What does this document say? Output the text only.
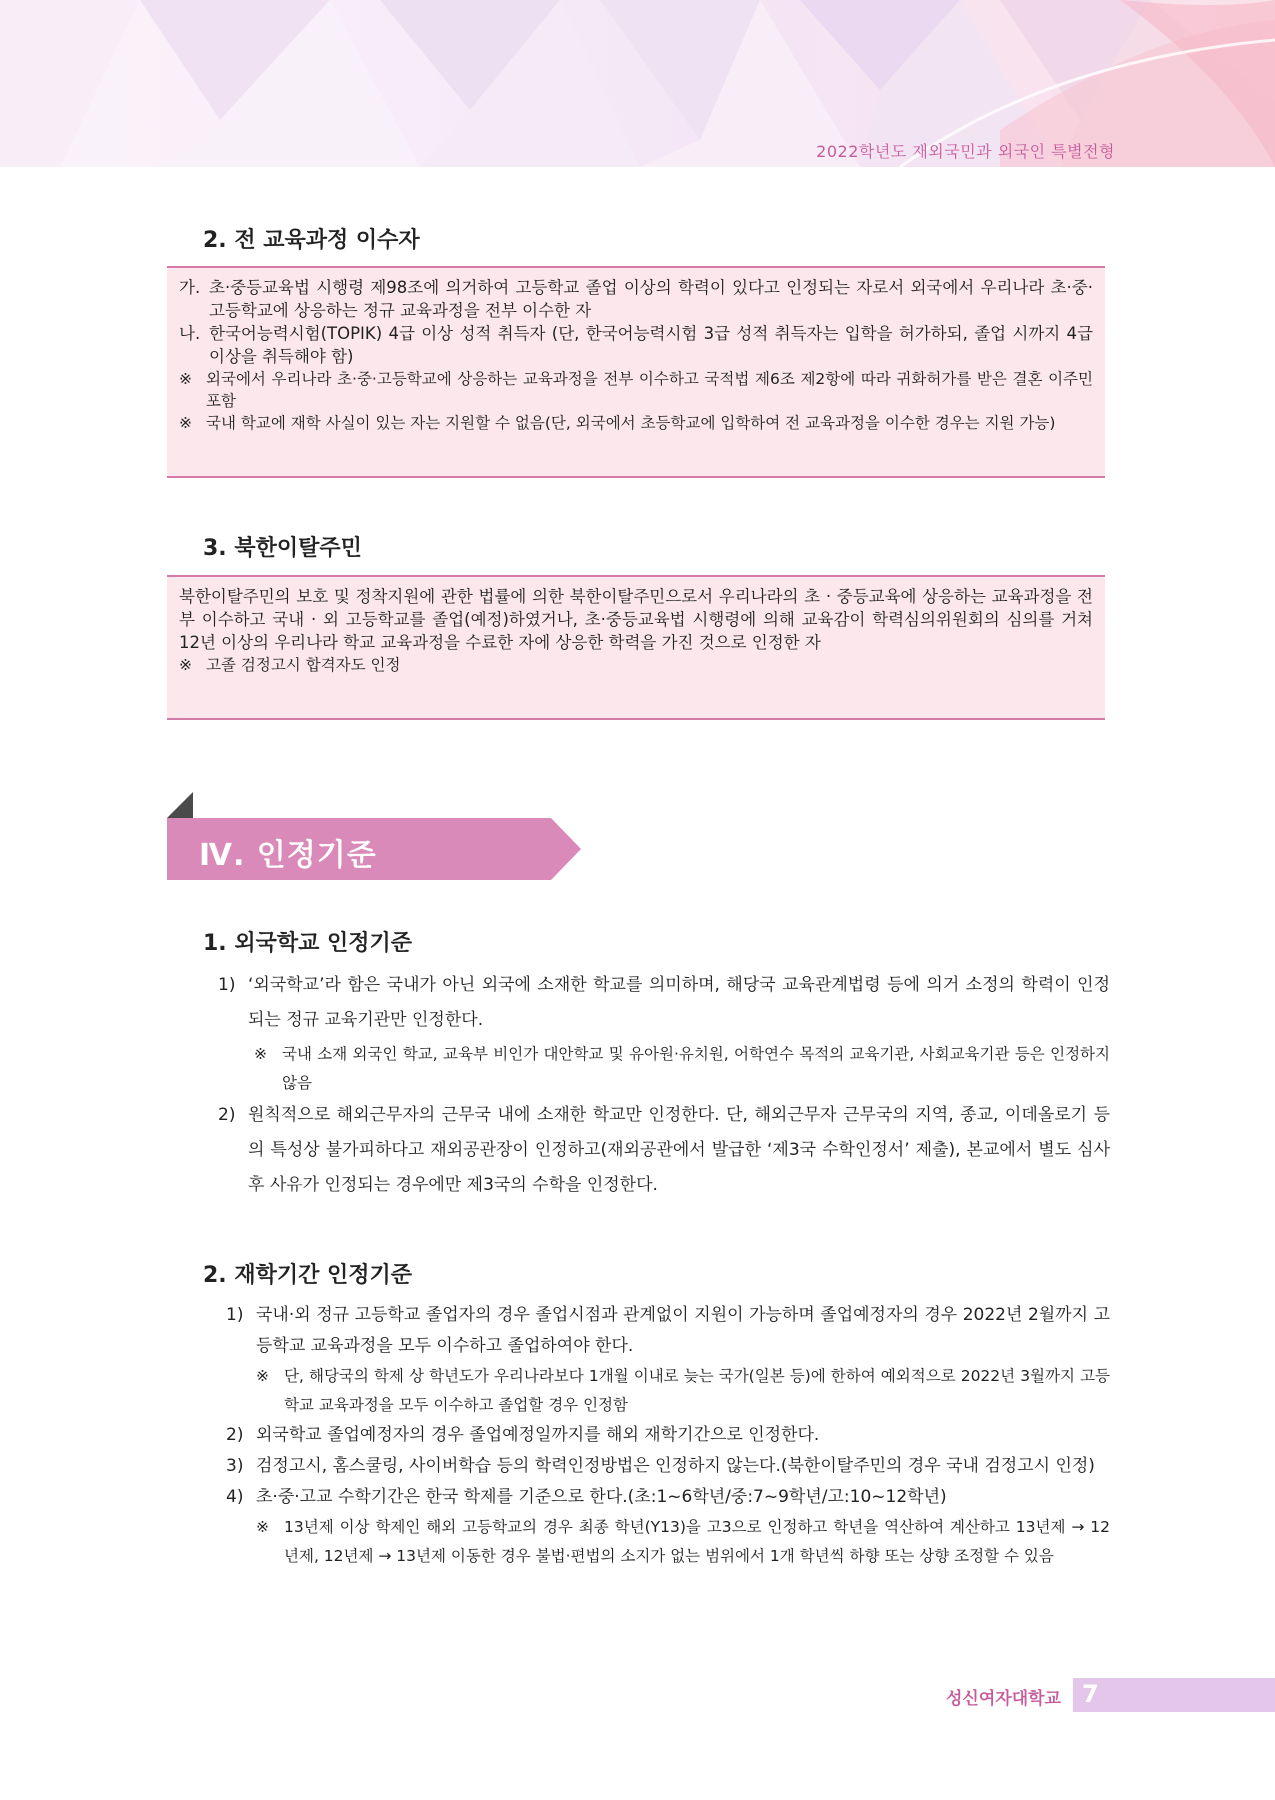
2022학년도 재외국민과 외국인 특별전형
2. 전 교육과정 이수자
가. 초·중등교육법 시행령 제98조에 의거하여 고등학교 졸업 이상의 학력이 있다고 인정되는 자로서 외국에서 우리나라 초·중·고등학교에 상응하는 정규 교육과정을 전부 이수한 자
나. 한국어능력시험(TOPIK) 4급 이상 성적 취득자 (단, 한국어능력시험 3급 성적 취득자는 입학을 허가하되, 졸업 시까지 4급 이상을 취득해야 함)
※ 외국에서 우리나라 초·중·고등학교에 상응하는 교육과정을 전부 이수하고 국적법 제6조 제2항에 따라 귀화허가를 받은 결혼 이주민 포함
※ 국내 학교에 재학 사실이 있는 자는 지원할 수 없음(단, 외국에서 초등학교에 입학하여 전 교육과정을 이수한 경우는 지원 가능)
3. 북한이탈주민
북한이탈주민의 보호 및 정착지원에 관한 법률에 의한 북한이탈주민으로서 우리나라의 초 · 중등교육에 상응하는 교육과정을 전부 이수하고 국내 · 외 고등학교를 졸업(예정)하였거나, 초·중등교육법 시행령에 의해 교육감이 학력심의위원회의 심의를 거쳐 12년 이상의 우리나라 학교 교육과정을 수료한 자에 상응한 학력을 가진 것으로 인정한 자
※ 고졸 검정고시 합격자도 인정
Ⅳ. 인정기준
1. 외국학교 인정기준
1) ‘외국학교’라 함은 국내가 아닌 외국에 소재한 학교를 의미하며, 해당국 교육관계법령 등에 의거 소정의 학력이 인정되는 정규 교육기관만 인정한다.
※ 국내 소재 외국인 학교, 교육부 비인가 대안학교 및 유아원·유치원, 어학연수 목적의 교육기관, 사회교육기관 등은 인정하지 않음
2) 원칙적으로 해외근무자의 근무국 내에 소재한 학교만 인정한다. 단, 해외근무자 근무국의 지역, 종교, 이데올로기 등의 특성상 불가피하다고 재외공관장이 인정하고(재외공관에서 발급한 ‘제3국 수학인정서’ 제출), 본교에서 별도 심사 후 사유가 인정되는 경우에만 제3국의 수학을 인정한다.
2. 재학기간 인정기준
1) 국내·외 정규 고등학교 졸업자의 경우 졸업시점과 관계없이 지원이 가능하며 졸업예정자의 경우 2022년 2월까지 고등학교 교육과정을 모두 이수하고 졸업하여야 한다.
※ 단, 해당국의 학제 상 학년도가 우리나라보다 1개월 이내로 늦는 국가(일본 등)에 한하여 예외적으로 2022년 3월까지 고등학교 교육과정을 모두 이수하고 졸업할 경우 인정함
2) 외국학교 졸업예정자의 경우 졸업예정일까지를 해외 재학기간으로 인정한다.
3) 검정고시, 홈스쿨링, 사이버학습 등의 학력인정방법은 인정하지 않는다.(북한이탈주민의 경우 국내 검정고시 인정)
4) 초·중·고교 수학기간은 한국 학제를 기준으로 한다.(초:1~6학년/중:7~9학년/고:10~12학년)
※ 13년제 이상 학제인 해외 고등학교의 경우 최종 학년(Y13)을 고3으로 인정하고 학년을 역산하여 계산하고 13년제 → 12년제, 12년제 → 13년제 이동한 경우 불법·편법의 소지가 없는 범위에서 1개 학년씩 하향 또는 상향 조정할 수 있음
성신여자대학교 7
